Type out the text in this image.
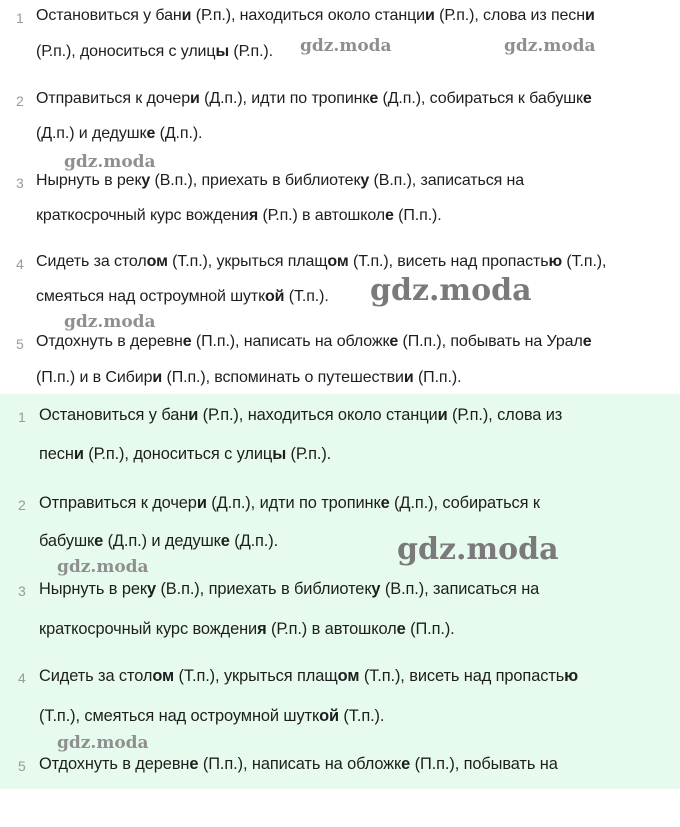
1 Остановиться у бани (Р.п.), находиться около станции (Р.п.), слова из песни
(Р.п.), доноситься с улицы (Р.п.).
2 Отправиться к дочери (Д.п.), идти по тропинке (Д.п.), собираться к бабушке
(Д.п.) и дедушке (Д.п.).
3 Нырнуть в реку (В.п.), приехать в библиотеку (В.п.), записаться на
краткосрочный курс вождения (Р.п.) в автошколе (П.п.).
4 Сидеть за столом (Т.п.), укрыться плащом (Т.п.), висеть над пропастью (Т.п.),
смеяться над остроумной шуткой (Т.п.).
5 Отдохнуть в деревне (П.п.), написать на обложке (П.п.), побывать на Урале
(П.п.) и в Сибири (П.п.), вспоминать о путешествии (П.п.).
1 Остановиться у бани (Р.п.), находиться около станции (Р.п.), слова из
песни (Р.п.), доноситься с улицы (Р.п.).
2 Отправиться к дочери (Д.п.), идти по тропинке (Д.п.), собираться к
бабушке (Д.п.) и дедушке (Д.п.).
3 Нырнуть в реку (В.п.), приехать в библиотеку (В.п.), записаться на
краткосрочный курс вождения (Р.п.) в автошколе (П.п.).
4 Сидеть за столом (Т.п.), укрыться плащом (Т.п.), висеть над пропастью
(Т.п.), смеяться над остроумной шуткой (Т.п.).
5 Отдохнуть в деревне (П.п.), написать на обложке (П.п.), побывать на
gdz.moda	gdz.moda
gdz.moda
gdz.moda
gdz.moda
gdz.moda
gdz.moda
gdz.moda
